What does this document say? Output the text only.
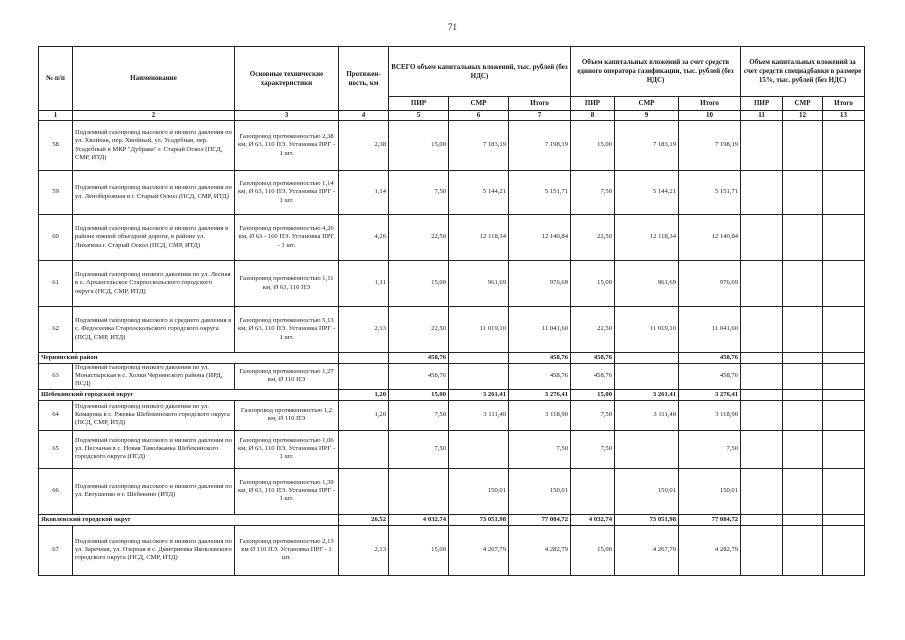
71
№ п/п	Наименование	Основные технические характеристики	Протяжен-ность, км	ВСЕГО объем капитальных вложений, тыс. рублей (без НДС)			Объем капитальных вложений за счет средств единого оператора газификации, тыс. рублей (без НДС)			Объем капитальных вложений за счет средств спецнадбавки в размере 15%, тыс. рублей (без НДС)		
				ПИР	СМР	Итого	ПИР	СМР	Итого	ПИР	СМР	Итого
1	2	3	4	5	6	7	8	9	10	11	12	13
58	Подземный газопровод высокого и низкого давления по ул. Хвойная, пер. Хвойный, ул. Усадебная, пер. Усадебный в МКР "Дубрава" г. Старый Оскол (ПСД, СМР, ИТД)	Газопровод протяженностью 2,38 км, Ø 63, 110 ПЭ. Установка ПРГ - 1 шт.	2,38	15,00	7 183,19	7 198,19	15,00	7 183,19	7 198,19			
59	Подземный газопровод высокого и низкого давления по ул. Ленобережная в г. Старый Оскол (ПСД, СМР, ИТД)	Газопровод протяженностью 1,14 км, Ø 63, 110 ПЭ. Установка ПРГ - 1 шт.	1,14	7,50	5 144,21	5 151,71	7,50	5 144,21	5 151,71			
60	Подземный газопровод высокого и низкого давления в районе южной объездной дороги, в районе ул. Лихачева г. Старый Оскол (ПСД, СМР, ИТД)	Газопровод протяженностью 4,26 км, Ø 63 - 160 ПЭ. Установка ПРГ - 1 шт.	4,26	22,50	12 118,34	12 140,84	22,50	12 118,34	12 140,84			
61	Подземный газопровод низкого давления по ул. Лесная в с. Архангельское Старооскольского городского округа (ПСД, СМР, ИТД)	Газопровод протяженностью 1,11 км, Ø 63, 110 ПЭ	1,11	15,00	961,69	976,69	15,00	961,69	976,69			
62	Подземный газопровод высокого и среднего давления в с. Федосеевка Старооскольского городского округа (ПСД, СМР, ИТД)	Газопровод протяженностью 5,13 км, Ø 63, 110 ПЭ. Установка ПРГ - 1 шт.	2,13	22,50	11 019,10	11 041,60	22,50	11 019,10	11 041,60			
Чернянский район				458,76		458,76	458,76		458,76			
63	Подземный газопровод низкого давления по ул. Монастырская в с. Холки Чернянского района (ИРД, ПСД)	Газопровод протяженностью 1,27 км, Ø 110 ПЭ		458,76		458,76	458,76		458,76			
Шебекинский городской округ			1,20	15,00	3 261,41	3 276,41	15,00	3 261,41	3 276,41			
64	Подземный газопровод низкого давления по ул. Комарова в с. Ржевка Шебекинского городского округа (ПСД, СМР, ИТД)	Газопровод протяженностью 1,2 км, Ø 110 ПЭ	1,20	7,50	3 111,40	3 118,90	7,50	3 111,40	3 118,90			
65	Подземный газопровод высокого и низкого давления по ул. Песчаная в с. Новая Таволжанка Шебекинского городского округа (ПСД)	Газопровод протяженностью 1,06 км, Ø 63, 110 ПЭ. Установка ПРГ - 1 шт.		7,50		7,50	7,50		7,50			
66	Подземный газопровод высокого и низкого давления по ул. Евтушенко в г. Шебекино (ИТД)	Газопровод протяженностью 1,39 км, Ø 63, 110 ПЭ. Установка ПРГ - 1 шт.			150,01	150,01		150,01	150,01			
Яковлевский городской округ			26,52	4 032,74	73 051,98	77 084,72	4 032,74	73 051,98	77 084,72			
67	Подземный газопровод высокого и низкого давления по ул. Заречная, ул. Озерная в с. Дмитриевка Яковлевского городского округа (ПСД, СМР, ИТД)	Газопровод протяженностью 2,13 км Ø 110 ПЭ. Установка ПРГ - 1 шт.	2,13	15,00	4 267,79	4 282,79	15,00	4 267,79	4 282,79			
